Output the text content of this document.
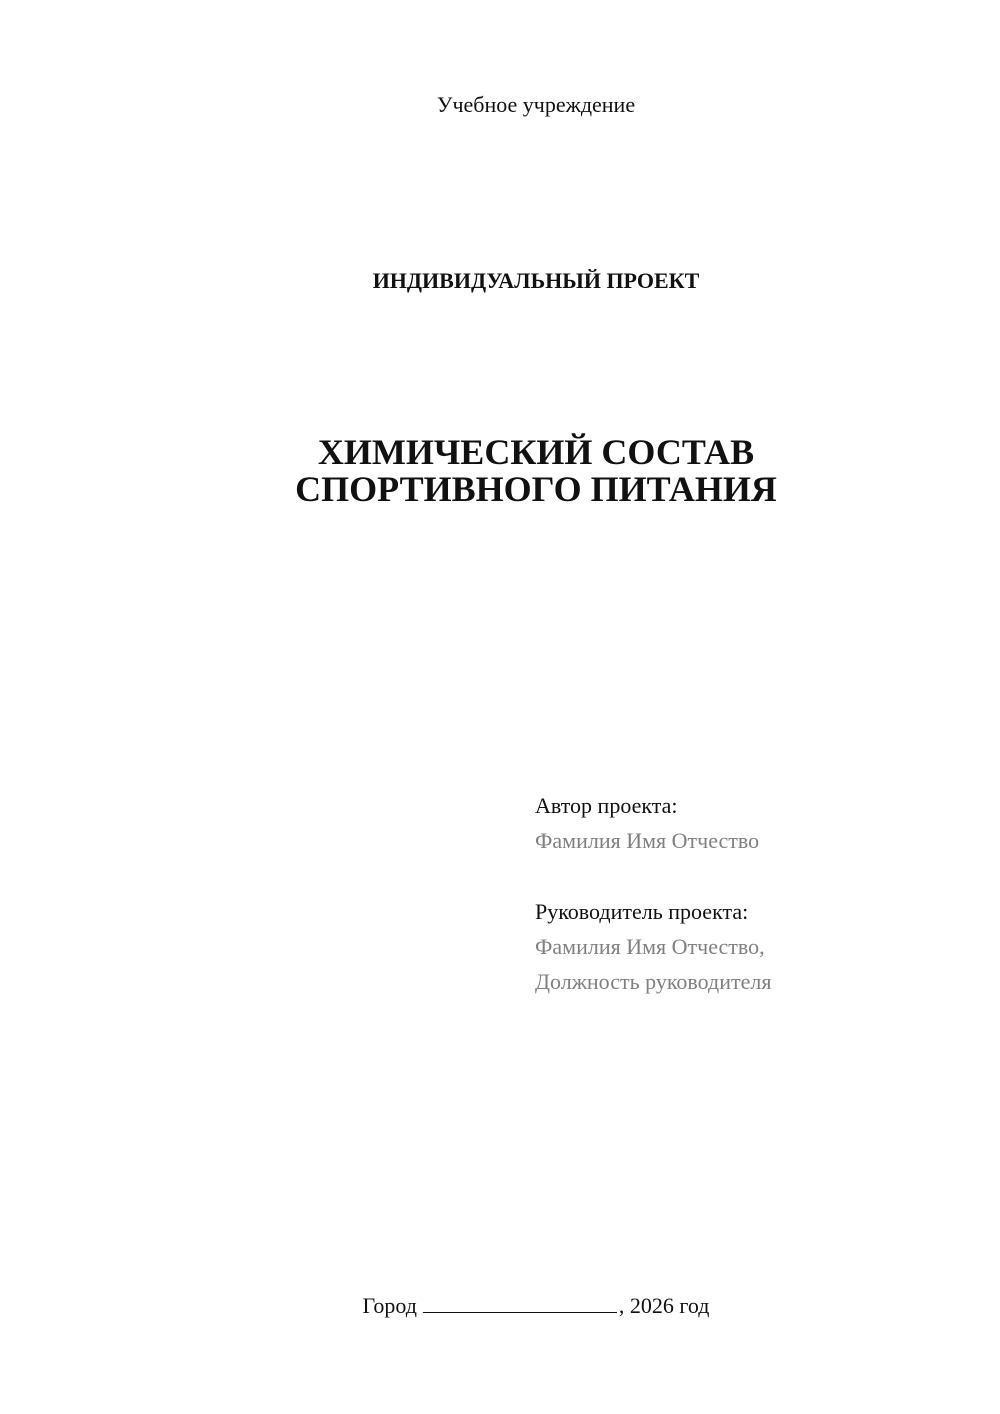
Учебное учреждение
ИНДИВИДУАЛЬНЫЙ ПРОЕКТ
ХИМИЧЕСКИЙ СОСТАВ
СПОРТИВНОГО ПИТАНИЯ
Автор проекта:
Фамилия Имя Отчество
Руководитель проекта:
Фамилия Имя Отчество,
Должность руководителя
Город	, 2026 год
